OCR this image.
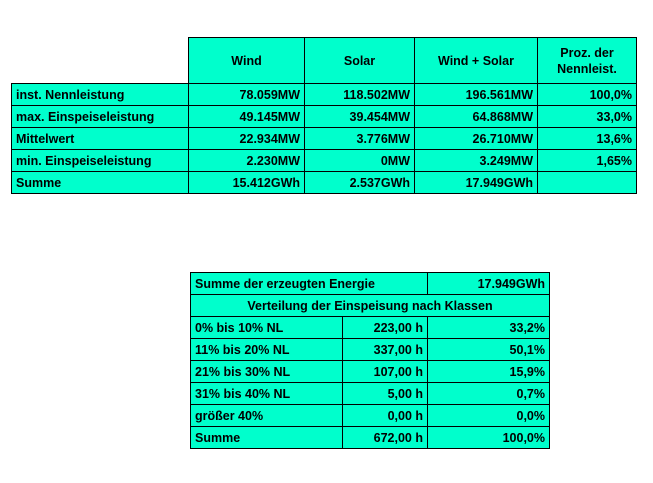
	Wind	Solar	Wind + Solar	Proz. der Nennleist.
inst. Nennleistung	78.059MW	118.502MW	196.561MW	100,0%
max. Einspeiseleistung	49.145MW	39.454MW	64.868MW	33,0%
Mittelwert	22.934MW	3.776MW	26.710MW	13,6%
min. Einspeiseleistung	2.230MW	0MW	3.249MW	1,65%
Summe	15.412GWh	2.537GWh	17.949GWh	
Summe der erzeugten Energie		17.949GWh
Verteilung der Einspeisung nach Klassen		
0% bis 10% NL	223,00 h	33,2%
11% bis 20% NL	337,00 h	50,1%
21% bis 30% NL	107,00 h	15,9%
31% bis 40% NL	5,00 h	0,7%
größer 40%	0,00 h	0,0%
Summe	672,00 h	100,0%
